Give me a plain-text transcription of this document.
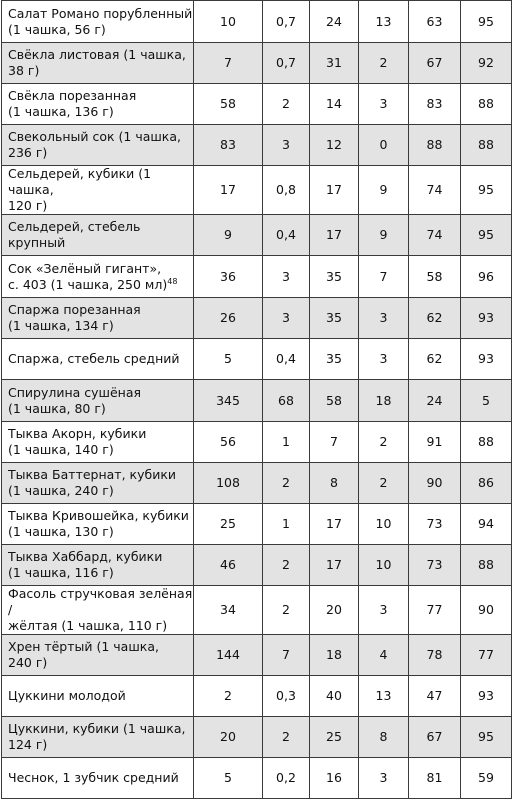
Салат Романо порубленный
(1 чашка, 56 г)	10	0,7	24	13	63	95
Свёкла листовая (1 чашка,
38 г)	7	0,7	31	2	67	92
Свёкла порезанная
(1 чашка, 136 г)	58	2	14	3	83	88
Свекольный сок (1 чашка,
236 г)	83	3	12	0	88	88
Сельдерей, кубики (1 чашка,
120 г)	17	0,8	17	9	74	95
Сельдерей, стебель
крупный	9	0,4	17	9	74	95
Сок «Зелёный гигант»,
с. 403 (1 чашка, 250 мл)$^{48}$	36	3	35	7	58	96
Спаржа порезанная
(1 чашка, 134 г)	26	3	35	3	62	93
Спаржа, стебель средний	5	0,4	35	3	62	93
Спирулина сушёная
(1 чашка, 80 г)	345	68	58	18	24	5
Тыква Акорн, кубики
(1 чашка, 140 г)	56	1	7	2	91	88
Тыква Баттернат, кубики
(1 чашка, 240 г)	108	2	8	2	90	86
Тыква Кривошейка, кубики
(1 чашка, 130 г)	25	1	17	10	73	94
Тыква Хаббард, кубики
(1 чашка, 116 г)	46	2	17	10	73	88
Фасоль стручковая зелёная /
жёлтая (1 чашка, 110 г)	34	2	20	3	77	90
Хрен тёртый (1 чашка,
240 г)	144	7	18	4	78	77
Цуккини молодой	2	0,3	40	13	47	93
Цуккини, кубики (1 чашка,
124 г)	20	2	25	8	67	95
Чеснок, 1 зубчик средний	5	0,2	16	3	81	59
